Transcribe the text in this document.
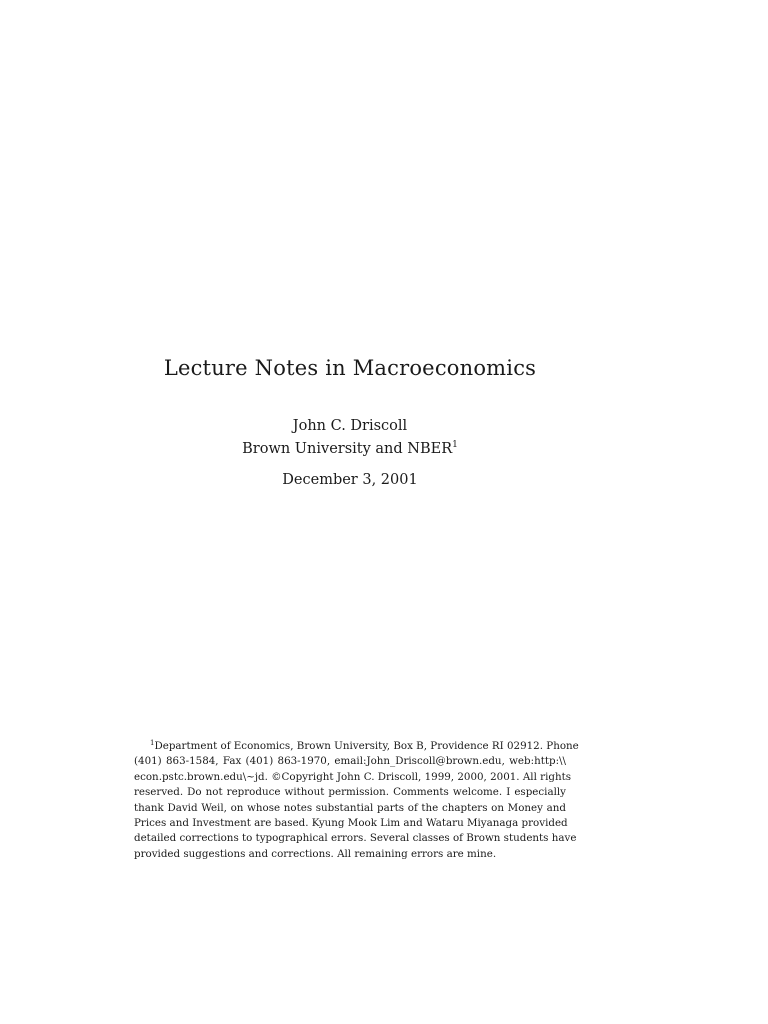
Lecture Notes in Macroeconomics
John C. Driscoll
Brown University and NBER$^1$
December 3, 2001
$^1$Department of Economics, Brown University, Box B, Providence RI 02912. Phone
(401) 863-1584, Fax (401) 863-1970, email:John_Driscoll@brown.edu, web:http:\\
econ.pstc.brown.edu\~jd. ©Copyright John C. Driscoll, 1999, 2000, 2001. All rights
reserved. Do not reproduce without permission. Comments welcome. I especially
thank David Weil, on whose notes substantial parts of the chapters on Money and
Prices and Investment are based. Kyung Mook Lim and Wataru Miyanaga provided
detailed corrections to typographical errors. Several classes of Brown students have
provided suggestions and corrections. All remaining errors are mine.
